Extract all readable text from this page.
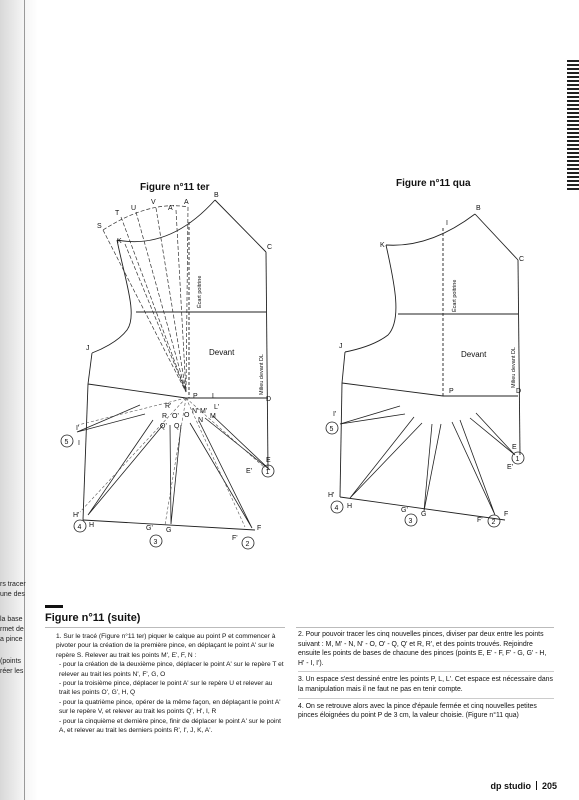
Figure n°11 ter	Figure n°11 qua
S
T
U
V
A'
A
B
K
C
J
P L	D
R'
R O' O
N' M'
L'
N
M
Q' Q
I'
I
E
E'
H'
H	G' G	F
F'
Devant
Écart poitrine
Milieu devant DL
5
1
4
3	2
B
I
K
C
J
P	D
I'
E
E'
H'
H
G'
G
F'
F
Devant
Écart poitrine
Milieu devant DL
5
1
4
3	2
rs tracer
une des
la base
rmet de
a pince
(points
réer les
Figure n°11 (suite)

1. Sur le tracé (Figure n°11 ter) piquer le calque au point P et commencer à pivoter pour la création de la première pince, en déplaçant le point A' sur le repère S. Relever au trait les points M', E', F, N :

- pour la création de la deuxième pince, déplacer le point A' sur le repère T et relever au trait les points N', F', G, O

- pour la troisième pince, déplacer le point A' sur le repère U et relever au trait les points O', G', H, Q

- pour la quatrième pince, opérer de la même façon, en déplaçant le point A' sur le repère V, et relever au trait les points Q', H', I, R

- pour la cinquième et dernière pince, finir de déplacer le point A' sur le point A, et relever au trait les derniers points R', I', J, K, A'.

2. Pour pouvoir tracer les cinq nouvelles pinces, diviser par deux entre les points suivant : M, M' - N, N' - O, O' - Q, Q' et R, R', et des points trouvés. Rejoindre ensuite les points de bases de chacune des pinces (points E, E' - F, F' - G, G' - H, H' - I, I').

3. Un espace s'est dessiné entre les points P, L, L'. Cet espace est nécessaire dans la manipulation mais il ne faut ne pas en tenir compte.

4. On se retrouve alors avec la pince d'épaule fermée et cinq nouvelles petites pinces éloignées du point P de 3 cm, la valeur choisie. (Figure n°11 qua)

dp studio 205
